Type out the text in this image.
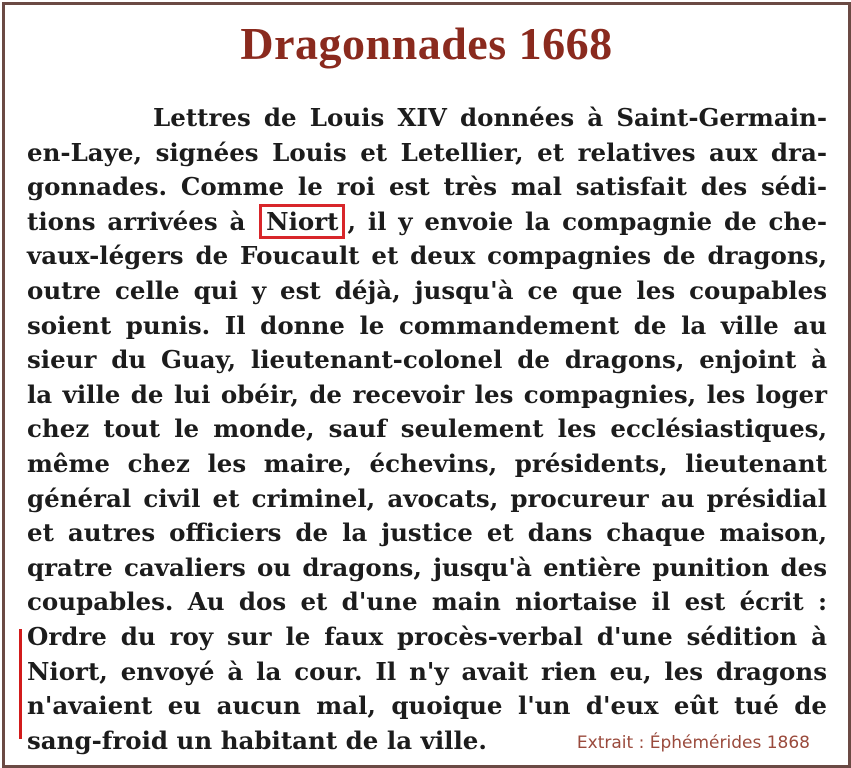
Dragonnades 1668
Lettres de Louis XIV données à Saint-Germain-
en-Laye, signées Louis et Letellier, et relatives aux dra-
gonnades. Comme le roi est très mal satisfait des sédi-
tions arrivées à Niort , il y envoie la compagnie de che-
vaux-légers de Foucault et deux compagnies de dragons,
outre celle qui y est déjà, jusqu'à ce que les coupables
soient punis. Il donne le commandement de la ville au
sieur du Guay, lieutenant-colonel de dragons, enjoint à
la ville de lui obéir, de recevoir les compagnies, les loger
chez tout le monde, sauf seulement les ecclésiastiques,
même chez les maire, échevins, présidents, lieutenant
général civil et criminel, avocats, procureur au présidial
et autres officiers de la justice et dans chaque maison,
qratre cavaliers ou dragons, jusqu'à entière punition des
coupables. Au dos et d'une main niortaise il est écrit :
Ordre du roy sur le faux procès-verbal d'une sédition à
Niort, envoyé à la cour. Il n'y avait rien eu, les dragons
n'avaient eu aucun mal, quoique l'un d'eux eût tué de
sang-froid un habitant de la ville.	Extrait : Éphémérides 1868
